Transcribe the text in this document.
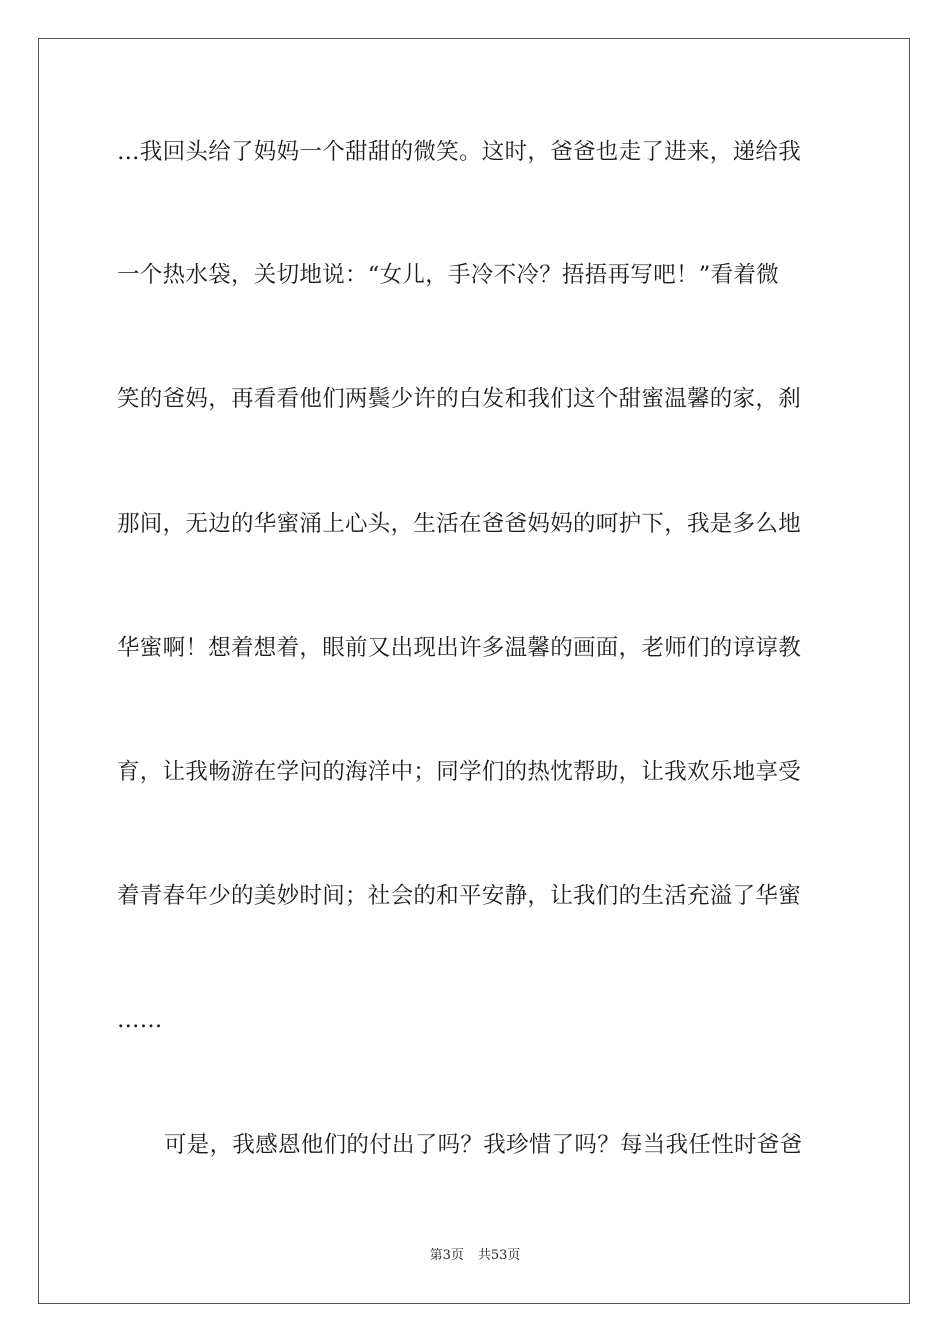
…我回头给了妈妈一个甜甜的微笑。这时，爸爸也走了进来，递给我
一个热水袋，关切地说：“女儿，手冷不冷？捂捂再写吧！”看着微
笑的爸妈，再看看他们两鬓少许的白发和我们这个甜蜜温馨的家，刹
那间，无边的华蜜涌上心头，生活在爸爸妈妈的呵护下，我是多么地
华蜜啊！想着想着，眼前又出现出许多温馨的画面，老师们的谆谆教
育，让我畅游在学问的海洋中；同学们的热忱帮助，让我欢乐地享受
着青春年少的美妙时间；社会的和平安静，让我们的生活充溢了华蜜
……
可是，我感恩他们的付出了吗？我珍惜了吗？每当我任性时爸爸
第3页 共53页
